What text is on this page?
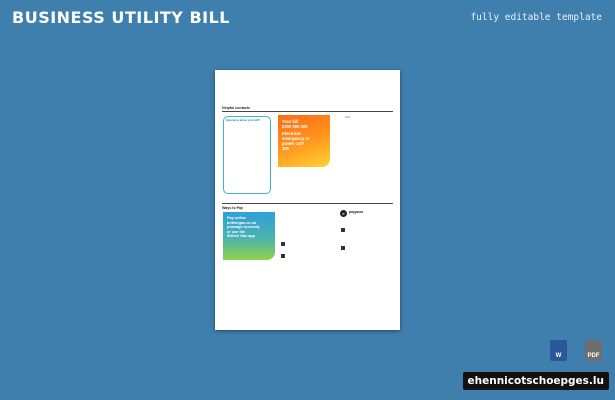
BUSINESS UTILITY BILL	fully editable template
Helpful contacts
Questions about your bill?	Your bill
0300 000 000
Electrical
emergency or
power cut?
105
Your
Ways to Pay
Pay online
britishgas.co.uk
(manage account)
or use the
British Gas app
P	paypoint
W	PDF
ehennicotschoepges.lu
